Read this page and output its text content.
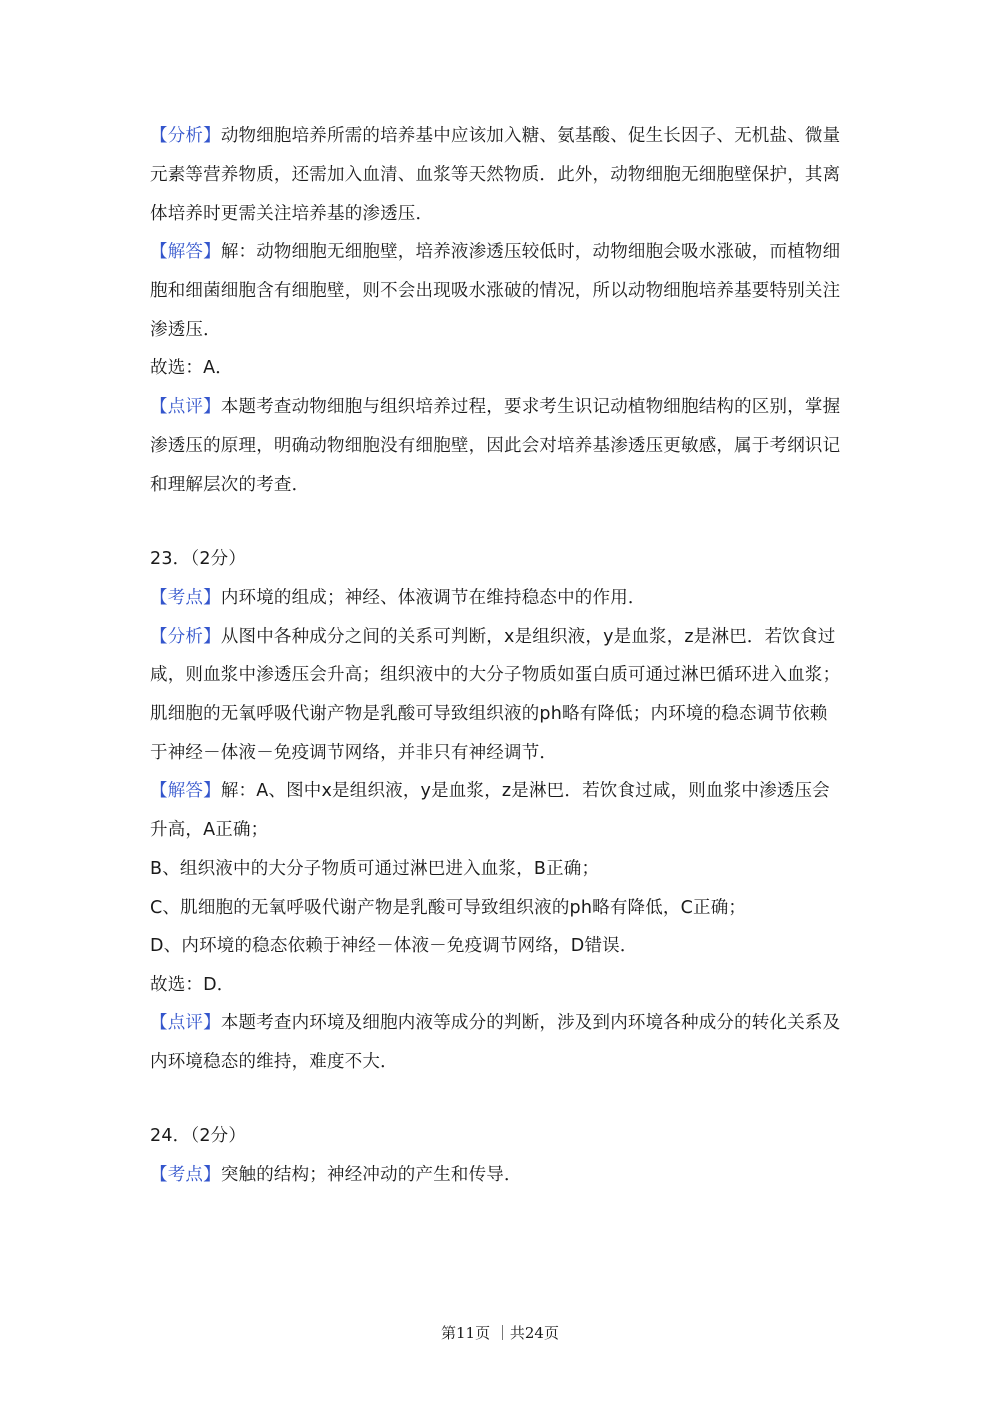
【分析】动物细胞培养所需的培养基中应该加入糖、氨基酸、促生长因子、无机盐、微量
元素等营养物质，还需加入血清、血浆等天然物质．此外，动物细胞无细胞壁保护，其离
体培养时更需关注培养基的渗透压．
【解答】解：动物细胞无细胞壁，培养液渗透压较低时，动物细胞会吸水涨破，而植物细
胞和细菌细胞含有细胞壁，则不会出现吸水涨破的情况，所以动物细胞培养基要特别关注
渗透压．
故选：A．
【点评】本题考查动物细胞与组织培养过程，要求考生识记动植物细胞结构的区别，掌握
渗透压的原理，明确动物细胞没有细胞壁，因此会对培养基渗透压更敏感，属于考纲识记
和理解层次的考查．
23．（2分）
【考点】内环境的组成；神经、体液调节在维持稳态中的作用．
【分析】从图中各种成分之间的关系可判断，x是组织液，y是血浆，z是淋巴．若饮食过
咸，则血浆中渗透压会升高；组织液中的大分子物质如蛋白质可通过淋巴循环进入血浆；
肌细胞的无氧呼吸代谢产物是乳酸可导致组织液的ph略有降低；内环境的稳态调节依赖
于神经－体液－免疫调节网络，并非只有神经调节．
【解答】解：A、图中x是组织液，y是血浆，z是淋巴．若饮食过咸，则血浆中渗透压会
升高，A正确；
B、组织液中的大分子物质可通过淋巴进入血浆，B正确；
C、肌细胞的无氧呼吸代谢产物是乳酸可导致组织液的ph略有降低，C正确；
D、内环境的稳态依赖于神经－体液－免疫调节网络，D错误．
故选：D．
【点评】本题考查内环境及细胞内液等成分的判断，涉及到内环境各种成分的转化关系及
内环境稳态的维持，难度不大．
24．（2分）
【考点】突触的结构；神经冲动的产生和传导．
第11页 ｜共24页
